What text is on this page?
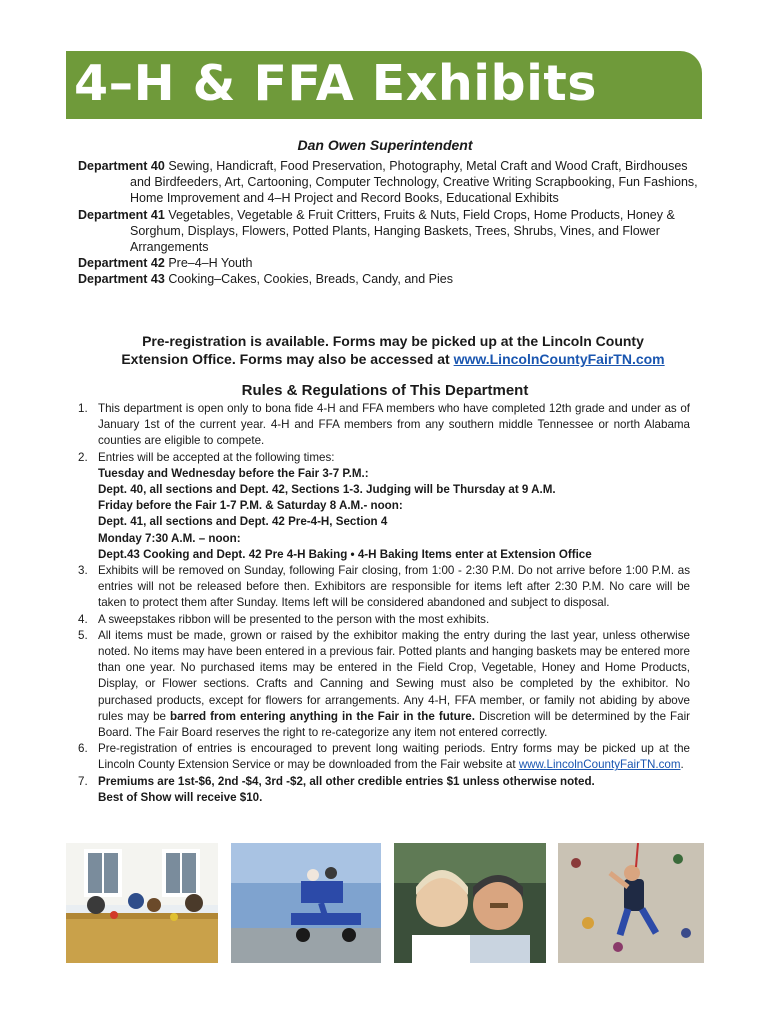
4–H & FFA Exhibits
Dan Owen Superintendent

Department 40 Sewing, Handicraft, Food Preservation, Photography, Metal Craft and Wood Craft, Birdhouses and Birdfeeders, Art, Cartooning, Computer Technology, Creative Writing Scrapbooking, Fun Fashions, Home Improvement and 4–H Project and Record Books, Educational Exhibits

Department 41 Vegetables, Vegetable & Fruit Critters, Fruits & Nuts, Field Crops, Home Products, Honey & Sorghum, Displays, Flowers, Potted Plants, Hanging Baskets, Trees, Shrubs, Vines, and Flower Arrangements

Department 42 Pre–4–H Youth

Department 43 Cooking–Cakes, Cookies, Breads, Candy, and Pies

Pre-registration is available. Forms may be picked up at the Lincoln County
Extension Office. Forms may also be accessed at www.LincolnCountyFairTN.com
Rules & Regulations of This Department
1. This department is open only to bona fide 4-H and FFA members who have completed 12th grade and under as of January 1st of the current year. 4-H and FFA members from any southern middle Tennessee or north Alabama counties are eligible to compete.
2. Entries will be accepted at the following times:
Tuesday and Wednesday before the Fair 3-7 P.M.:
Dept. 40, all sections and Dept. 42, Sections 1-3. Judging will be Thursday at 9 A.M.
Friday before the Fair 1-7 P.M. & Saturday 8 A.M.- noon:
Dept. 41, all sections and Dept. 42 Pre-4-H, Section 4
Monday 7:30 A.M. – noon:
Dept.43 Cooking and Dept. 42 Pre 4-H Baking • 4-H Baking Items enter at Extension Office
3. Exhibits will be removed on Sunday, following Fair closing, from 1:00 - 2:30 P.M. Do not arrive before 1:00 P.M. as entries will not be released before then. Exhibitors are responsible for items left after 2:30 P.M. No care will be taken to protect them after Sunday. Items left will be considered abandoned and subject to disposal.
4. A sweepstakes ribbon will be presented to the person with the most exhibits.
5. All items must be made, grown or raised by the exhibitor making the entry during the last year, unless otherwise noted. No items may have been entered in a previous fair. Potted plants and hanging baskets may be entered more than one year. No purchased items may be entered in the Field Crop, Vegetable, Honey and Home Products, Display, or Flower sections. Crafts and Canning and Sewing must also be completed by the exhibitor. No purchased products, except for flowers for arrangements. Any 4-H, FFA member, or family not abiding by above rules may be barred from entering anything in the Fair in the future. Discretion will be determined by the Fair Board. The Fair Board reserves the right to re-categorize any item not entered correctly.
6. Pre-registration of entries is encouraged to prevent long waiting periods. Entry forms may be picked up at the Lincoln County Extension Service or may be downloaded from the Fair website at www.LincolnCountyFairTN.com.
7. Premiums are 1st-$6, 2nd -$4, 3rd -$2, all other credible entries $1 unless otherwise noted.
Best of Show will receive $10.
